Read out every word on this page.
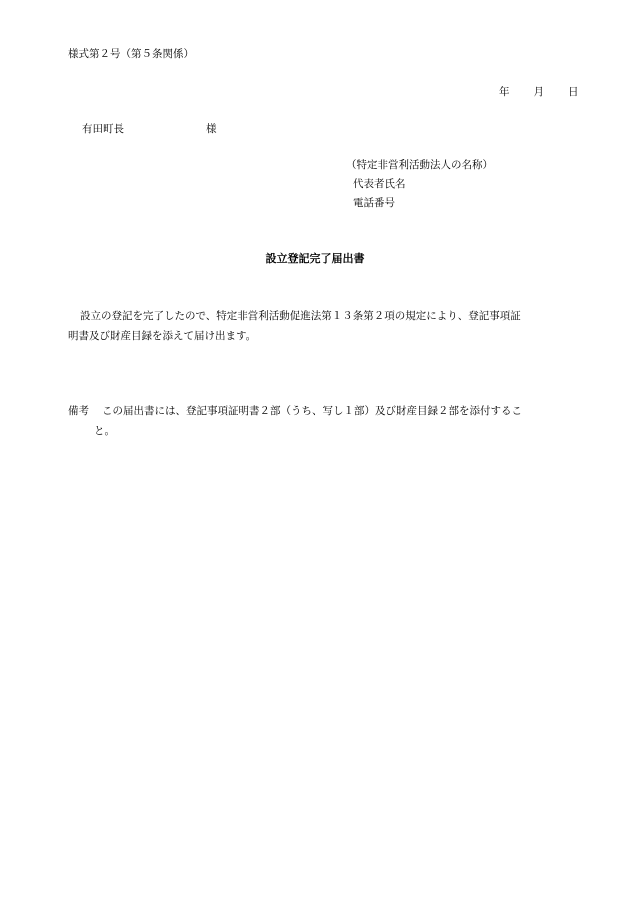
様式第２号（第５条関係）
年 月 日
有田町長	様
（特定非営利活動法人の名称）
代表者氏名
電話番号
設立登記完了届出書
設立の登記を完了したので、特定非営利活動促進法第１３条第２項の規定により、登記事項証
明書及び財産目録を添えて届け出ます。
備考 この届出書には、登記事項証明書２部（うち、写し１部）及び財産目録２部を添付するこ
と。
